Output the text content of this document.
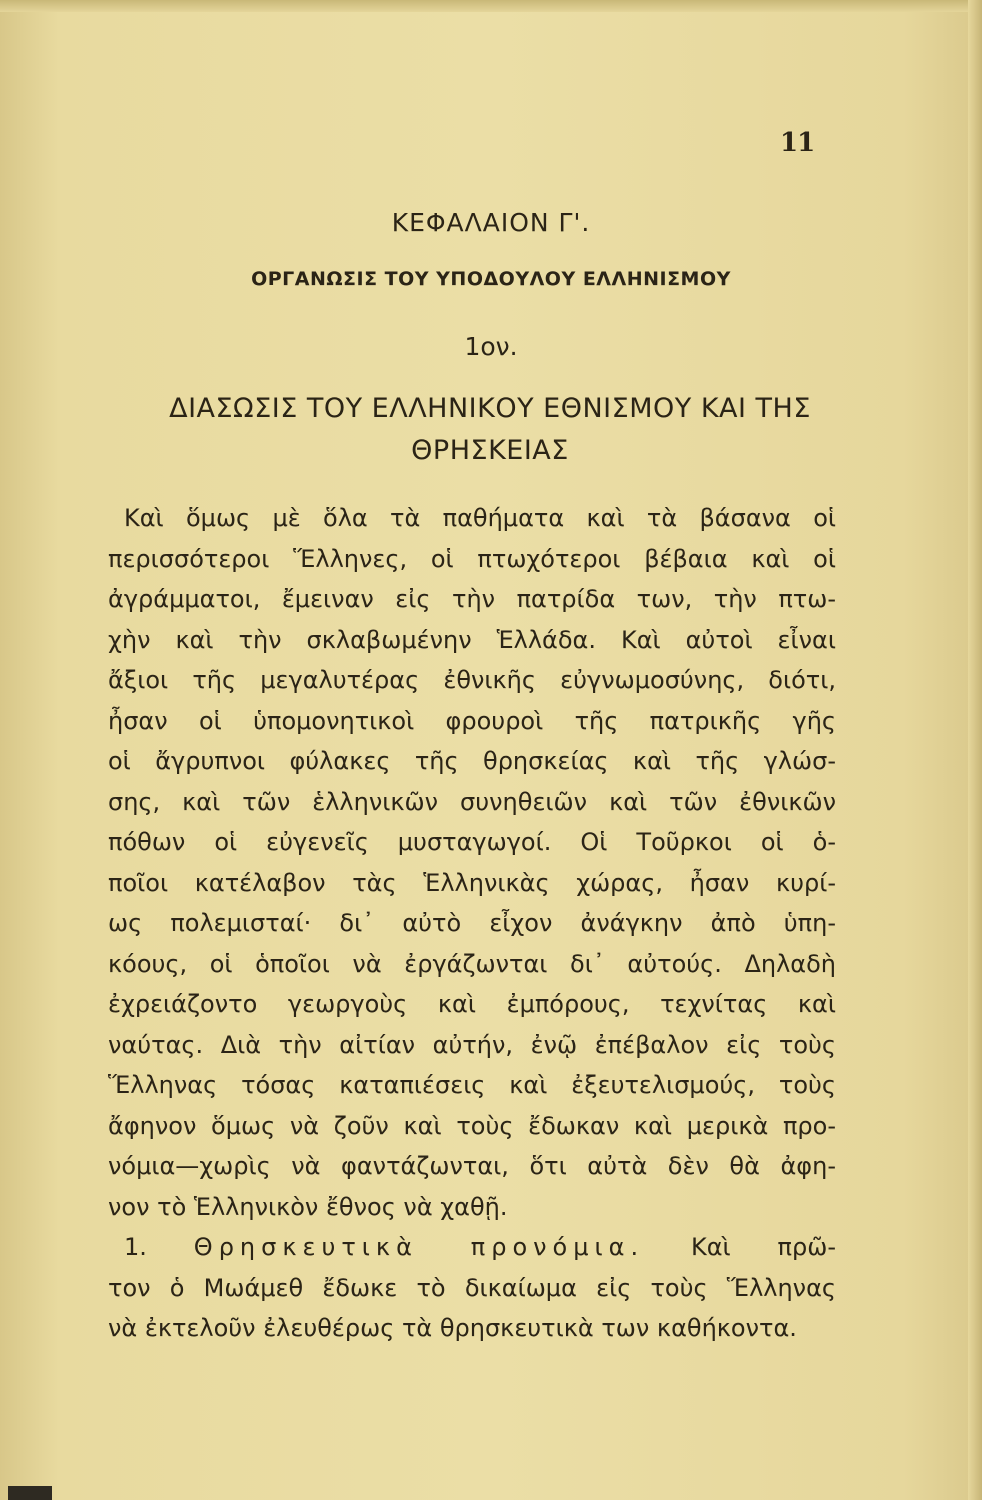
11
ΚΕΦΑΛΑΙΟΝ Γ'.
ΟΡΓΑΝΩΣΙΣ ΤΟΥ ΥΠΟΔΟΥΛΟΥ ΕΛΛΗΝΙΣΜΟΥ
1ον.
ΔΙΑΣΩΣΙΣ ΤΟΥ ΕΛΛΗΝΙΚΟΥ ΕΘΝΙΣΜΟΥ ΚΑΙ ΤΗΣ
ΘΡΗΣΚΕΙΑΣ
Καὶ ὅμως μὲ ὅλα τὰ παθήματα καὶ τὰ βάσανα οἱ
περισσότεροι Ἕλληνες, οἱ πτωχότεροι βέβαια καὶ οἱ
ἀγράμματοι, ἔμειναν εἰς τὴν πατρίδα των, τὴν πτω-
χὴν καὶ τὴν σκλαβωμένην Ἑλλάδα. Καὶ αὐτοὶ εἶναι
ἄξιοι τῆς μεγαλυτέρας ἐθνικῆς εὐγνωμοσύνης, διότι,
ἦσαν οἱ ὑπομονητικοὶ φρουροὶ τῆς πατρικῆς γῆς
οἱ ἄγρυπνοι φύλακες τῆς θρησκείας καὶ τῆς γλώσ-
σης, καὶ τῶν ἑλληνικῶν συνηθειῶν καὶ τῶν ἐθνικῶν
πόθων οἱ εὐγενεῖς μυσταγωγοί. Οἱ Τοῦρκοι οἱ ὁ-
ποῖοι κατέλαβον τὰς Ἑλληνικὰς χώρας, ἦσαν κυρί-
ως πολεμισταί· δι᾽ αὐτὸ εἶχον ἀνάγκην ἀπὸ ὑπη-
κόους, οἱ ὁποῖοι νὰ ἐργάζωνται δι᾽ αὐτούς. Δηλαδὴ
ἐχρειάζοντο γεωργοὺς καὶ ἐμπόρους, τεχνίτας καὶ
ναύτας. Διὰ τὴν αἰτίαν αὐτήν, ἐνῷ ἐπέβαλον εἰς τοὺς
Ἕλληνας τόσας καταπιέσεις καὶ ἐξευτελισμούς, τοὺς
ἄφηνον ὅμως νὰ ζοῦν καὶ τοὺς ἔδωκαν καὶ μερικὰ προ-
νόμια—χωρὶς νὰ φαντάζωνται, ὅτι αὐτὰ δὲν θὰ ἀφη-
νον τὸ Ἑλληνικὸν ἔθνος νὰ χαθῇ.
1. Θρησκευτικὰ προνόμια. Καὶ πρῶ-
τον ὁ Μωάμεθ ἔδωκε τὸ δικαίωμα εἰς τοὺς Ἕλληνας
νὰ ἐκτελοῦν ἐλευθέρως τὰ θρησκευτικὰ των καθήκοντα.
